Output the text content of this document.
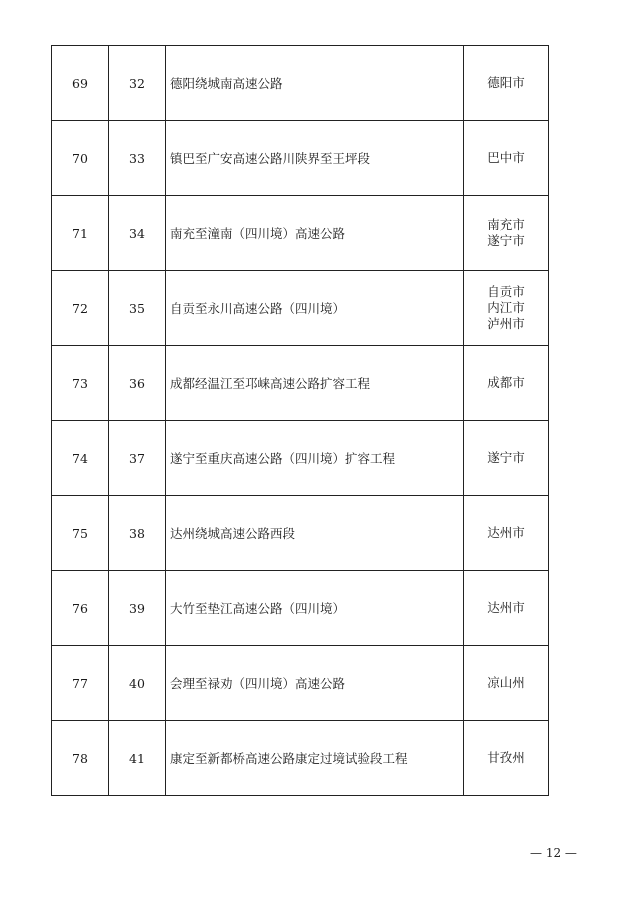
69	32	德阳绕城南高速公路	德阳市

70	33	镇巴至广安高速公路川陕界至王坪段	巴中市

71	34	南充至潼南（四川境）高速公路	南充市
遂宁市

72	35	自贡至永川高速公路（四川境）	自贡市
内江市
泸州市

73	36	成都经温江至邛崃高速公路扩容工程	成都市

74	37	遂宁至重庆高速公路（四川境）扩容工程	遂宁市

75	38	达州绕城高速公路西段	达州市

76	39	大竹至垫江高速公路（四川境）	达州市

77	40	会理至禄劝（四川境）高速公路	凉山州

78	41	康定至新都桥高速公路康定过境试验段工程	甘孜州
— 12 —
